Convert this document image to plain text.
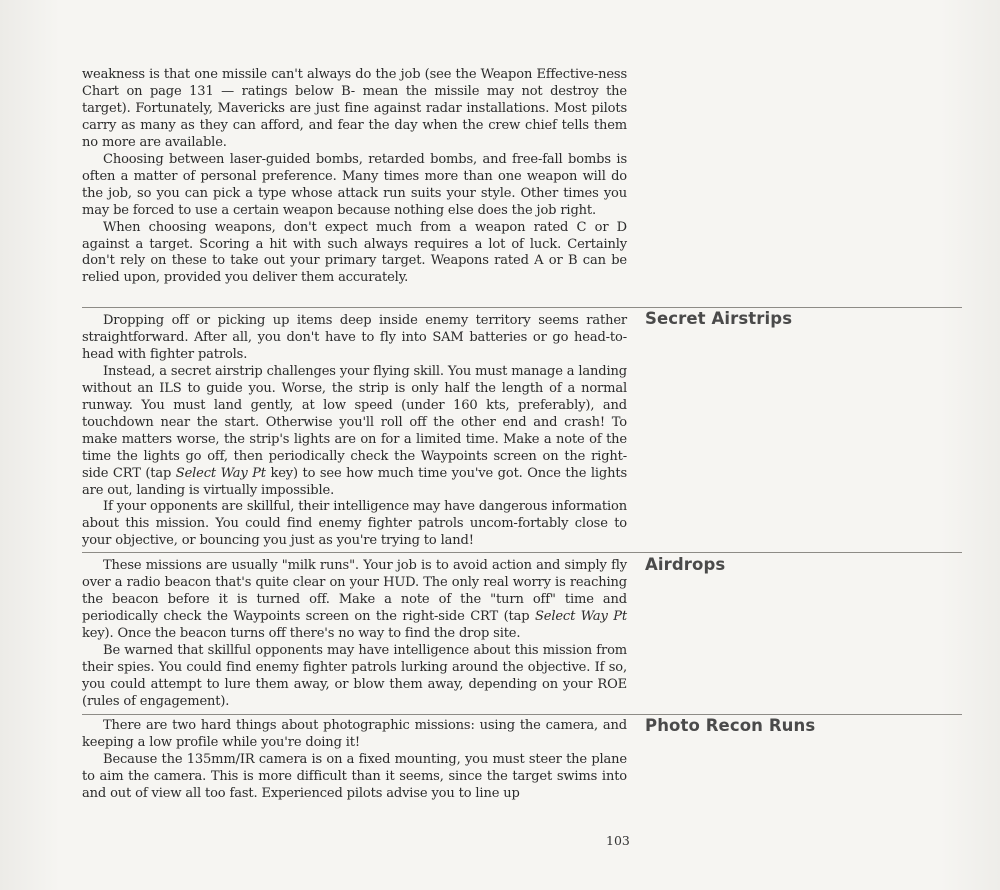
weakness is that one missile can't always do the job (see the Weapon Effective-ness Chart on page 131 — ratings below B- mean the missile may not destroy the target). Fortunately, Mavericks are just fine against radar installations. Most pilots carry as many as they can afford, and fear the day when the crew chief tells them no more are available.

Choosing between laser-guided bombs, retarded bombs, and free-fall bombs is often a matter of personal preference. Many times more than one weapon will do the job, so you can pick a type whose attack run suits your style. Other times you may be forced to use a certain weapon because nothing else does the job right.

When choosing weapons, don't expect much from a weapon rated C or D against a target. Scoring a hit with such always requires a lot of luck. Certainly don't rely on these to take out your primary target. Weapons rated A or B can be relied upon, provided you deliver them accurately.

Secret Airstrips

Dropping off or picking up items deep inside enemy territory seems rather straightforward. After all, you don't have to fly into SAM batteries or go head-to-head with fighter patrols.

Instead, a secret airstrip challenges your flying skill. You must manage a landing without an ILS to guide you. Worse, the strip is only half the length of a normal runway. You must land gently, at low speed (under 160 kts, preferably), and touchdown near the start. Otherwise you'll roll off the other end and crash! To make matters worse, the strip's lights are on for a limited time. Make a note of the time the lights go off, then periodically check the Waypoints screen on the right-side CRT (tap Select Way Pt key) to see how much time you've got. Once the lights are out, landing is virtually impossible.

If your opponents are skillful, their intelligence may have dangerous information about this mission. You could find enemy fighter patrols uncom-fortably close to your objective, or bouncing you just as you're trying to land!

Airdrops

These missions are usually "milk runs". Your job is to avoid action and simply fly over a radio beacon that's quite clear on your HUD. The only real worry is reaching the beacon before it is turned off. Make a note of the "turn off" time and periodically check the Waypoints screen on the right-side CRT (tap Select Way Pt key). Once the beacon turns off there's no way to find the drop site.

Be warned that skillful opponents may have intelligence about this mission from their spies. You could find enemy fighter patrols lurking around the objective. If so, you could attempt to lure them away, or blow them away, depending on your ROE (rules of engagement).

Photo Recon Runs

There are two hard things about photographic missions: using the camera, and keeping a low profile while you're doing it!

Because the 135mm/IR camera is on a fixed mounting, you must steer the plane to aim the camera. This is more difficult than it seems, since the target swims into and out of view all too fast. Experienced pilots advise you to line up

103
